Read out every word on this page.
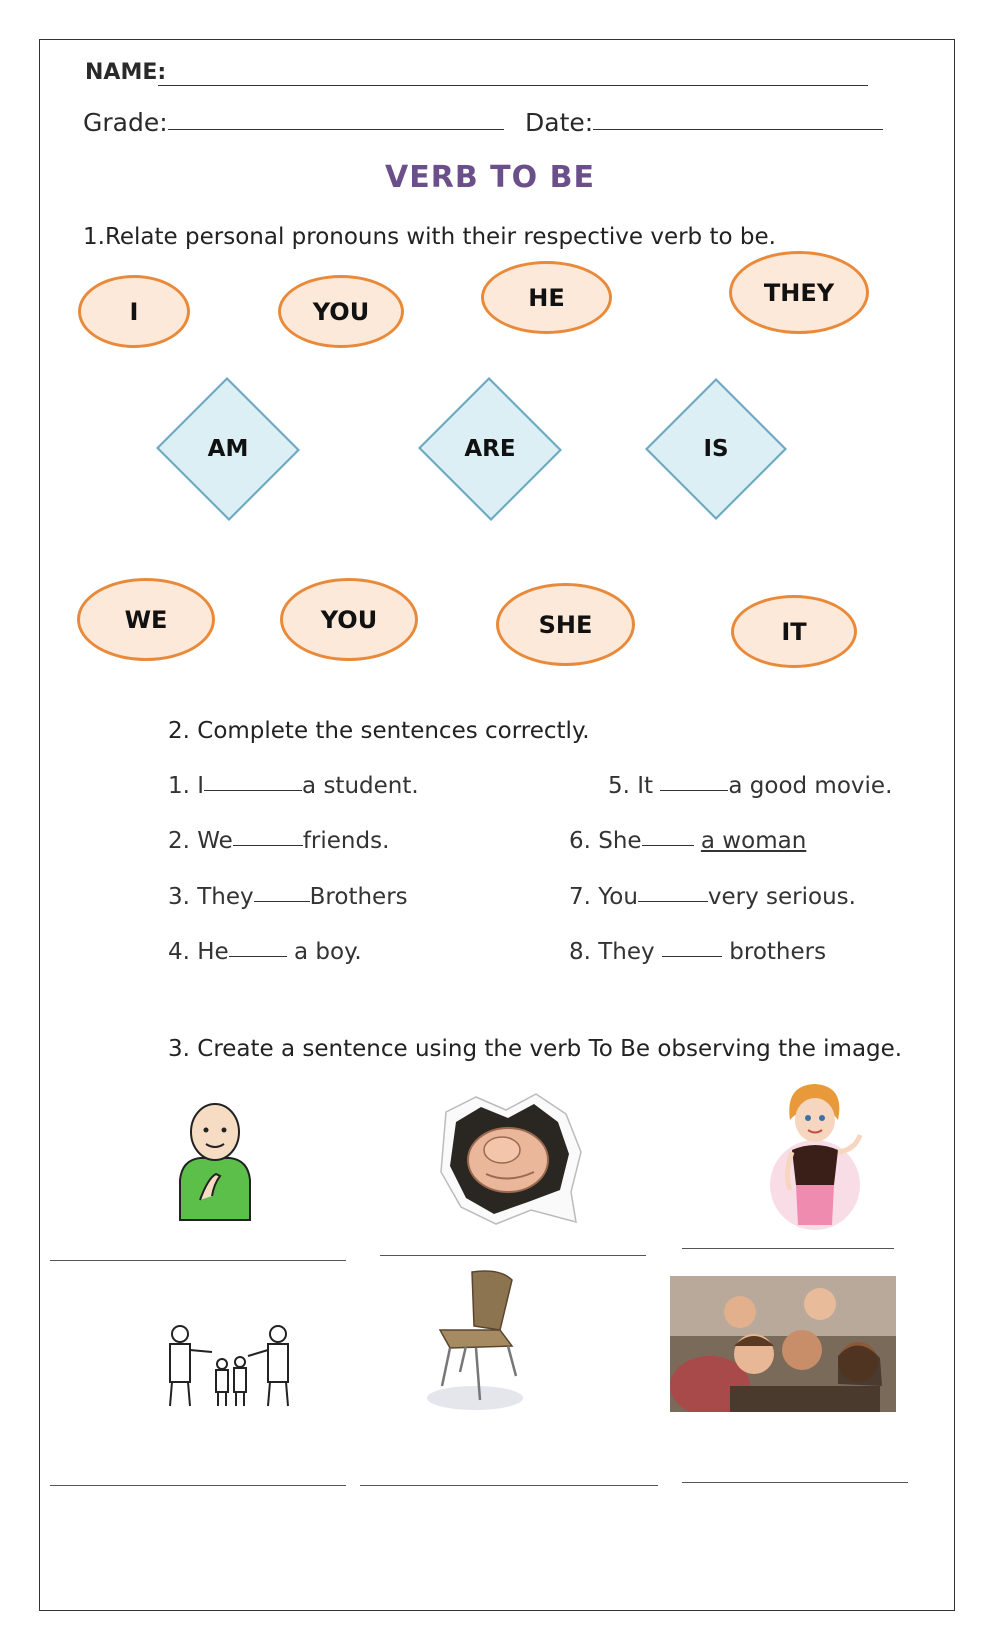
NAME:
Grade:	Date:
VERB TO BE
1.Relate personal pronouns with their respective verb to be.
I	YOU	HE	THEY
AM	ARE	IS
WE	YOU	SHE	IT
2. Complete the sentences correctly.
1. I	a student.
2. We	friends.
3. They Brothers
4. He	a boy.
5. It	a good movie.
6. She	a woman
7. You	very serious.
8. They	brothers
3. Create a sentence using the verb To Be observing the image.
